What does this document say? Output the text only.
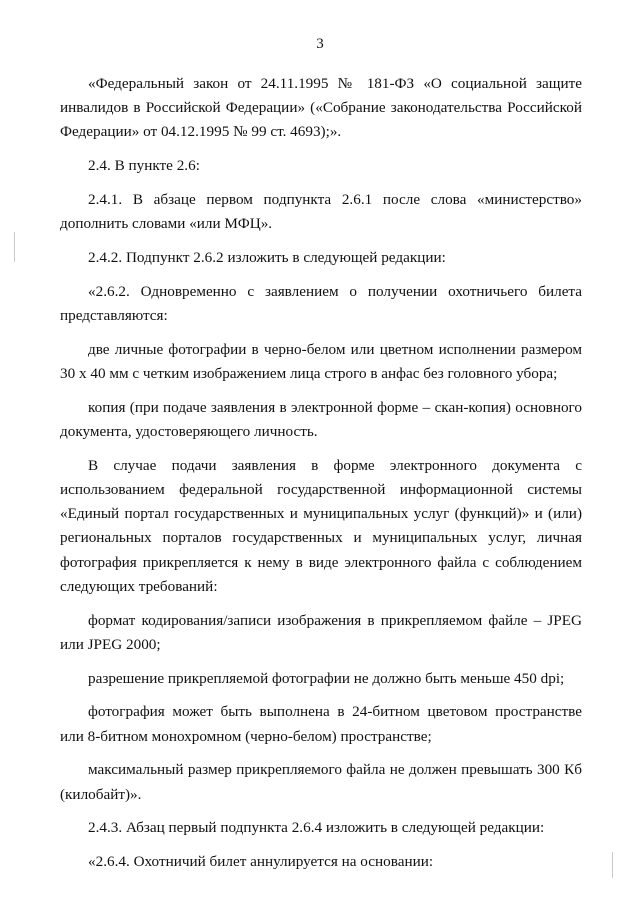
3

«Федеральный закон от 24.11.1995 № 181-ФЗ «О социальной защите инвалидов в Российской Федерации» («Собрание законодательства Российской Федерации» от 04.12.1995 № 99 ст. 4693);».

2.4. В пункте 2.6:

2.4.1. В абзаце первом подпункта 2.6.1 после слова «министерство» дополнить словами «или МФЦ».

2.4.2. Подпункт 2.6.2 изложить в следующей редакции:

«2.6.2. Одновременно с заявлением о получении охотничьего билета представляются:

две личные фотографии в черно-белом или цветном исполнении размером 30 х 40 мм с четким изображением лица строго в анфас без головного убора;

копия (при подаче заявления в электронной форме – скан-копия) основного документа, удостоверяющего личность.

В случае подачи заявления в форме электронного документа с использованием федеральной государственной информационной системы «Единый портал государственных и муниципальных услуг (функций)» и (или) региональных порталов государственных и муниципальных услуг, личная фотография прикрепляется к нему в виде электронного файла с соблюдением следующих требований:

формат кодирования/записи изображения в прикрепляемом файле – JPEG или JPEG 2000;

разрешение прикрепляемой фотографии не должно быть меньше 450 dpi;

фотография может быть выполнена в 24-битном цветовом пространстве или 8-битном монохромном (черно-белом) пространстве;

максимальный размер прикрепляемого файла не должен превышать 300 Кб (килобайт)».

2.4.3. Абзац первый подпункта 2.6.4 изложить в следующей редакции:

«2.6.4. Охотничий билет аннулируется на основании:
